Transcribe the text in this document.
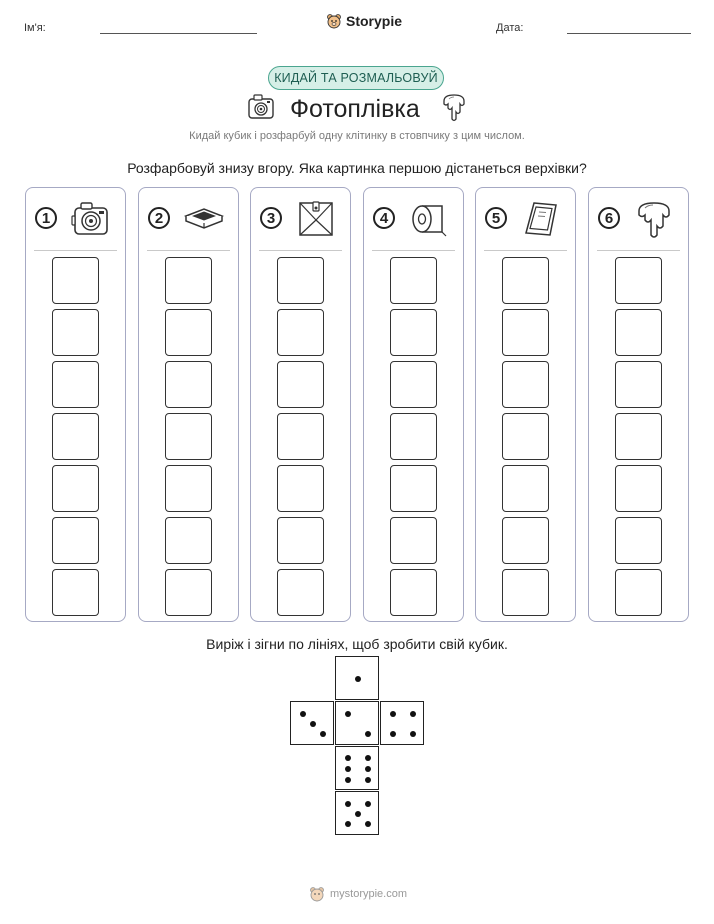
Ім'я:	Storypie	Дата:
КИДАЙ ТА РОЗМАЛЬОВУЙ
Фотоплівка
Кидай кубик і розфарбуй одну клітинку в стовпчику з цим числом.
Розфарбовуй знизу вгору. Яка картинка першою дістанеться верхівки?
1	2	3	4	5	6
Виріж і зігни по лініях, щоб зробити свій кубик.
mystorypie.com
